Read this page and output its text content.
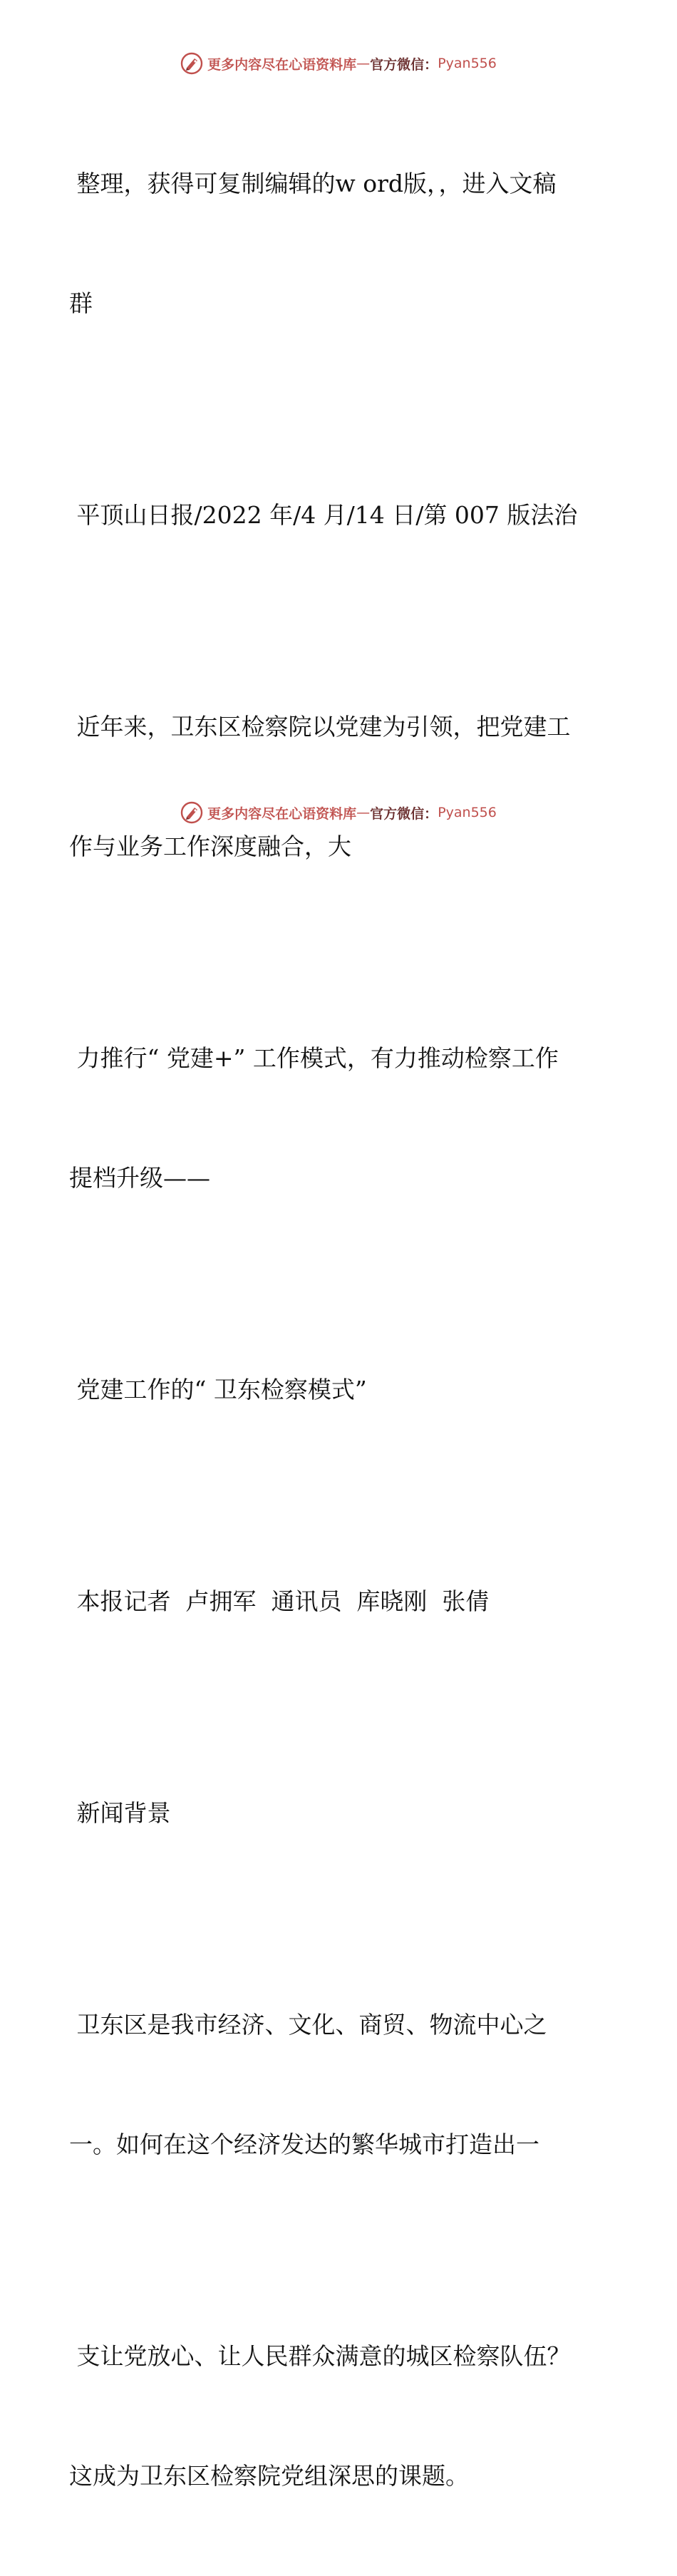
更多内容尽在心语资料库 — 官方微信： Pyan556

整理，获得可复制编辑的w ord版，，进入文稿

群

平顶山日报/2022 年/4 月/14 日/第 007 版法治

近年来，卫东区检察院以党建为引领，把党建工

作与业务工作深度融合，大

力推行“ 党建+” 工作模式，有力推动检察工作

提档升级——

党建工作的“ 卫东检察模式”

本报记者  卢拥军  通讯员  库晓刚  张倩

新闻背景

卫东区是我市经济、文化、商贸、物流中心之

一。如何在这个经济发达的繁华城市打造出一

支让党放心、让人民群众满意的城区检察队伍？

这成为卫东区检察院党组深思的课题。

更多内容尽在心语资料库 — 官方微信： Pyan556
